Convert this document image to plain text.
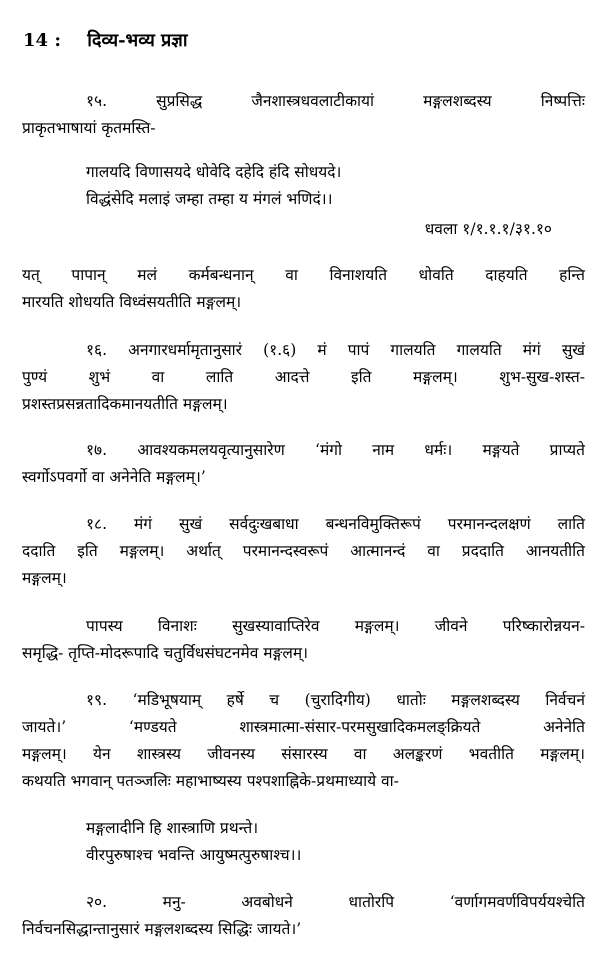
14 : दिव्य-भव्य प्रज्ञा
१५. सुप्रसिद्ध जैनशास्त्रधवलाटीकायां मङ्गलशब्दस्य निष्पत्तिः
प्राकृतभाषायां कृतमस्ति-
गालयदि विणासयदे धोवेदि दहेदि हंदि सोधयदे।
विद्धंसेदि मलाइं जम्हा तम्हा य मंगलं भणिदं।।
धवला १/१.१.१/३१.१०
यत् पापान् मलं कर्मबन्धनान् वा विनाशयति धोवति दाहयति हन्ति
मारयति शोधयति विध्वंसयतीति मङ्गलम्।
१६. अनगारधर्मामृतानुसारं (१.६) मं पापं गालयति गालयति मंगं सुखं
पुण्यं शुभं वा लाति आदत्ते इति मङ्गलम्। शुभ-सुख-शस्त-
प्रशस्तप्रसन्नतादिकमानयतीति मङ्गलम्।
१७. आवश्यकमलयवृत्यानुसारेण ‘मंगो नाम धर्मः। मङ्गयते प्राप्यते
स्वर्गोऽपवर्गो वा अनेनेति मङ्गलम्।’
१८. मंगं सुखं सर्वदुःखबाधा बन्धनविमुक्तिरूपं परमानन्दलक्षणं लाति
ददाति इति मङ्गलम्। अर्थात् परमानन्दस्वरूपं आत्मानन्दं वा प्रददाति आनयतीति
मङ्गलम्।
पापस्य विनाशः सुखस्यावाप्तिरेव मङ्गलम्। जीवने परिष्कारोन्नयन-
समृद्धि- तृप्ति-मोदरूपादि चतुर्विधसंघटनमेव मङ्गलम्।
१९. ‘मडिभूषयाम् हर्षे च (चुरादिगीय) धातोः मङ्गलशब्दस्य निर्वचनं
जायते।’ ‘मण्डयते शास्त्रमात्मा-संसार-परमसुखादिकमलङ्क्रियते अनेनेति
मङ्गलम्। येन शास्त्रस्य जीवनस्य संसारस्य वा अलङ्करणं भवतीति मङ्गलम्।
कथयति भगवान् पतञ्जलिः महाभाष्यस्य पश्पशाह्निके-प्रथमाध्याये वा-
मङ्गलादीनि हि शास्त्राणि प्रथन्ते।
वीरपुरुषाश्च भवन्ति आयुष्मत्पुरुषाश्च।।
२०. मनु- अवबोधने धातोरपि ‘वर्णागमवर्णविपर्ययश्चेति
निर्वचनसिद्धान्तानुसारं मङ्गलशब्दस्य सिद्धिः जायते।’
